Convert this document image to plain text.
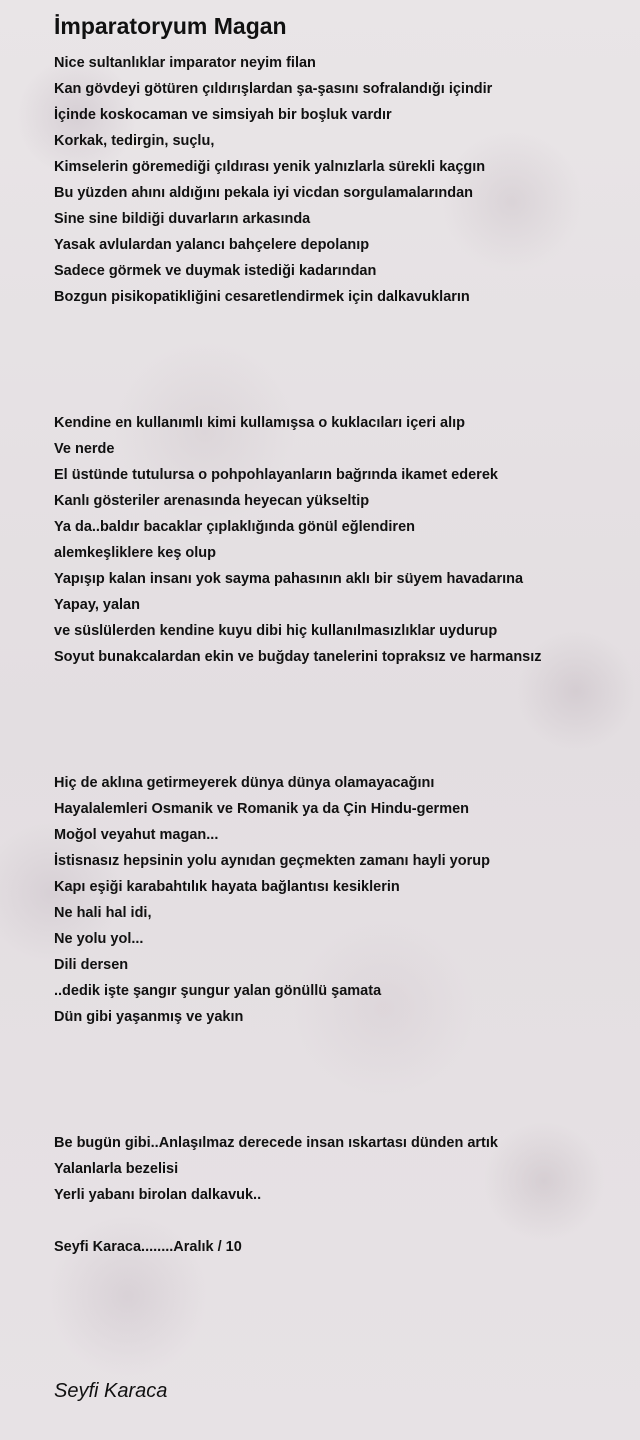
İmparatoryum Magan
Nice sultanlıklar imparator neyim filan
Kan gövdeyi götüren çıldırışlardan şa-şasını sofralandığı içindir
İçinde koskocaman ve simsiyah bir boşluk vardır
Korkak, tedirgin, suçlu,
Kimselerin göremediği çıldırası yenik yalnızlarla sürekli kaçgın
Bu yüzden ahını aldığını pekala iyi vicdan sorgulamalarından
Sine sine bildiği duvarların arkasında
Yasak avlulardan yalancı bahçelere depolanıp
Sadece görmek ve duymak istediği kadarından
Bozgun pisikopatikliğini cesaretlendirmek için dalkavukların
Kendine en kullanımlı kimi kullamışsa o kuklacıları içeri alıp
Ve nerde
El üstünde tutulursa o pohpohlayanların bağrında ikamet ederek
Kanlı gösteriler arenasında heyecan yükseltip
Ya da..baldır bacaklar çıplaklığında gönül eğlendiren
alemkeşliklere keş olup
Yapışıp kalan insanı yok sayma pahasının aklı bir süyem havadarına
Yapay, yalan
ve süslülerden kendine kuyu dibi hiç kullanılmasızlıklar uydurup
Soyut bunakcalardan ekin ve buğday tanelerini topraksız ve harmansız
Hiç de aklına getirmeyerek dünya dünya olamayacağını
Hayalalemleri Osmanik ve Romanik ya da Çin Hindu-germen
Moğol veyahut magan...
İstisnasız hepsinin yolu aynıdan geçmekten zamanı hayli yorup
Kapı eşiği karabahtılık hayata bağlantısı kesiklerin
Ne hali hal idi,
Ne yolu yol...
Dili dersen
..dedik işte şangır şungur yalan gönüllü şamata
Dün gibi yaşanmış ve yakın
Be bugün gibi..Anlaşılmaz derecede insan ıskartası dünden artık
Yalanlarla bezelisi
Yerli yabanı birolan dalkavuk..

Seyfi Karaca........Aralık / 10

Seyfi Karaca
